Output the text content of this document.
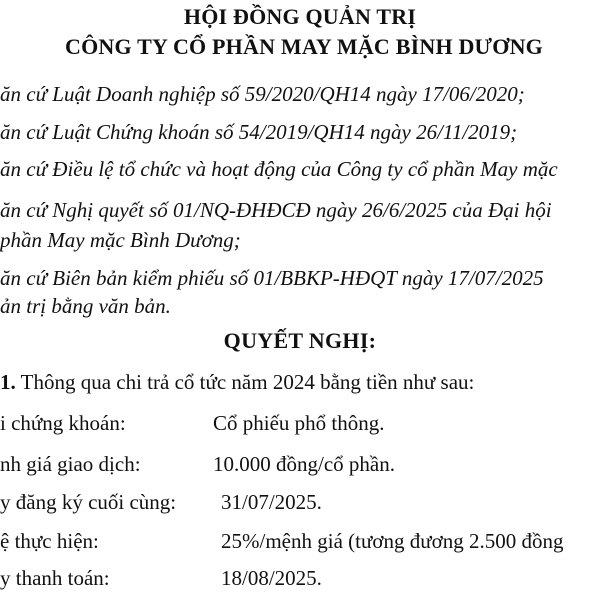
HỘI ĐỒNG QUẢN TRỊ
CÔNG TY CỔ PHẦN MAY MẶC BÌNH DƯƠNG
ăn cứ Luật Doanh nghiệp số 59/2020/QH14 ngày 17/06/2020;
ăn cứ Luật Chứng khoán số 54/2019/QH14 ngày 26/11/2019;
ăn cứ Điều lệ tổ chức và hoạt động của Công ty cổ phần May mặc
ăn cứ Nghị quyết số 01/NQ-ĐHĐCĐ ngày 26/6/2025 của Đại hội
phần May mặc Bình Dương;
ăn cứ Biên bản kiểm phiếu số 01/BBKP-HĐQT ngày 17/07/2025
ản trị bằng văn bản.
QUYẾT NGHỊ:
1. Thông qua chi trả cổ tức năm 2024 bằng tiền như sau:
i chứng khoán:	Cổ phiếu phổ thông.
nh giá giao dịch:	10.000 đồng/cổ phần.
y đăng ký cuối cùng: 31/07/2025.
ệ thực hiện:	25%/mệnh giá (tương đương 2.500 đồng
y thanh toán:	18/08/2025.
